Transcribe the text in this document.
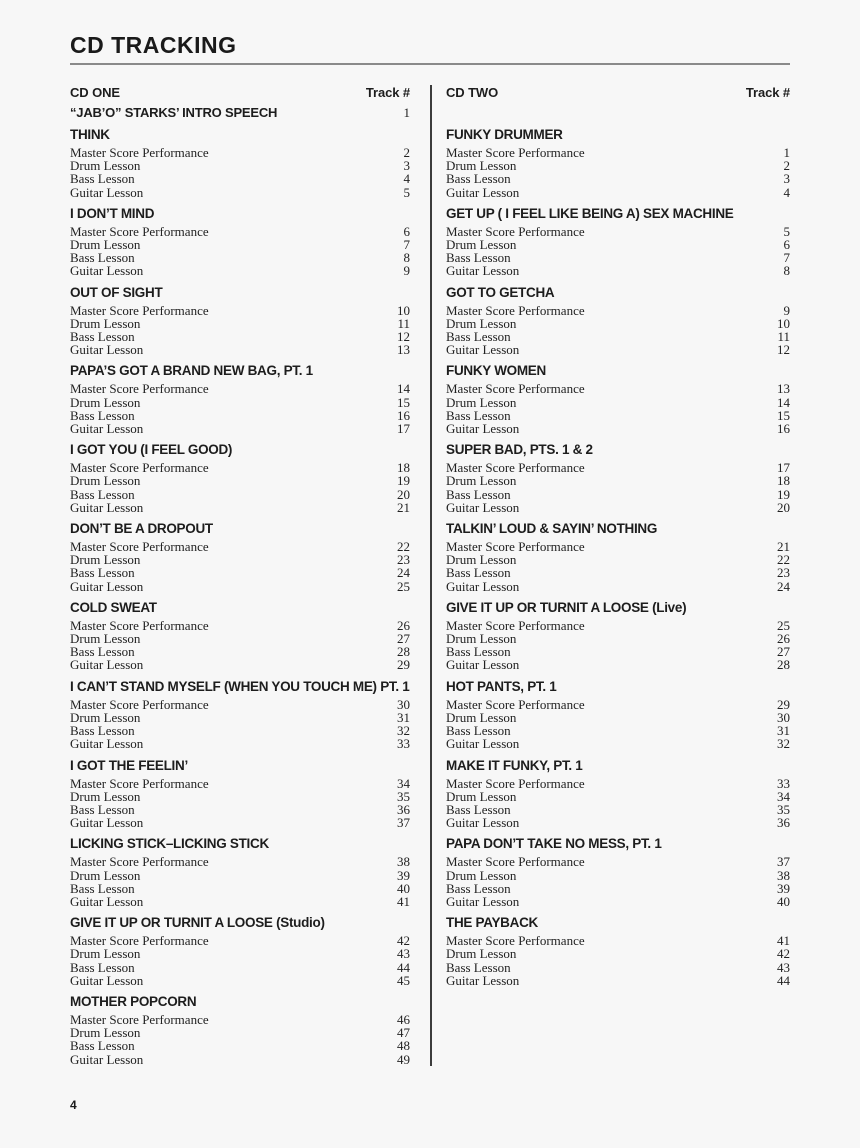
CD TRACKING
CD ONE	Track #
“JAB’O” STARKS’ INTRO SPEECH	1
THINK
Master Score Performance	2
Drum Lesson	3
Bass Lesson	4
Guitar Lesson	5
I DON’T MIND
Master Score Performance	6
Drum Lesson	7
Bass Lesson	8
Guitar Lesson	9
OUT OF SIGHT
Master Score Performance	10
Drum Lesson	11
Bass Lesson	12
Guitar Lesson	13
PAPA’S GOT A BRAND NEW BAG, PT. 1
Master Score Performance	14
Drum Lesson	15
Bass Lesson	16
Guitar Lesson	17
I GOT YOU (I FEEL GOOD)
Master Score Performance	18
Drum Lesson	19
Bass Lesson	20
Guitar Lesson	21
DON’T BE A DROPOUT
Master Score Performance	22
Drum Lesson	23
Bass Lesson	24
Guitar Lesson	25
COLD SWEAT
Master Score Performance	26
Drum Lesson	27
Bass Lesson	28
Guitar Lesson	29
I CAN’T STAND MYSELF (WHEN YOU TOUCH ME) PT. 1
Master Score Performance	30
Drum Lesson	31
Bass Lesson	32
Guitar Lesson	33
I GOT THE FEELIN’
Master Score Performance	34
Drum Lesson	35
Bass Lesson	36
Guitar Lesson	37
LICKING STICK–LICKING STICK
Master Score Performance	38
Drum Lesson	39
Bass Lesson	40
Guitar Lesson	41
GIVE IT UP OR TURNIT A LOOSE (Studio)
Master Score Performance	42
Drum Lesson	43
Bass Lesson	44
Guitar Lesson	45
MOTHER POPCORN
Master Score Performance	46
Drum Lesson	47
Bass Lesson	48
Guitar Lesson	49
CD TWO	Track #
FUNKY DRUMMER
Master Score Performance	1
Drum Lesson	2
Bass Lesson	3
Guitar Lesson	4
GET UP ( I FEEL LIKE BEING A) SEX MACHINE
Master Score Performance	5
Drum Lesson	6
Bass Lesson	7
Guitar Lesson	8
GOT TO GETCHA
Master Score Performance	9
Drum Lesson	10
Bass Lesson	11
Guitar Lesson	12
FUNKY WOMEN
Master Score Performance	13
Drum Lesson	14
Bass Lesson	15
Guitar Lesson	16
SUPER BAD, PTS. 1 & 2
Master Score Performance	17
Drum Lesson	18
Bass Lesson	19
Guitar Lesson	20
TALKIN’ LOUD & SAYIN’ NOTHING
Master Score Performance	21
Drum Lesson	22
Bass Lesson	23
Guitar Lesson	24
GIVE IT UP OR TURNIT A LOOSE (Live)
Master Score Performance	25
Drum Lesson	26
Bass Lesson	27
Guitar Lesson	28
HOT PANTS, PT. 1
Master Score Performance	29
Drum Lesson	30
Bass Lesson	31
Guitar Lesson	32
MAKE IT FUNKY, PT. 1
Master Score Performance	33
Drum Lesson	34
Bass Lesson	35
Guitar Lesson	36
PAPA DON’T TAKE NO MESS, PT. 1
Master Score Performance	37
Drum Lesson	38
Bass Lesson	39
Guitar Lesson	40
THE PAYBACK
Master Score Performance	41
Drum Lesson	42
Bass Lesson	43
Guitar Lesson	44
4
